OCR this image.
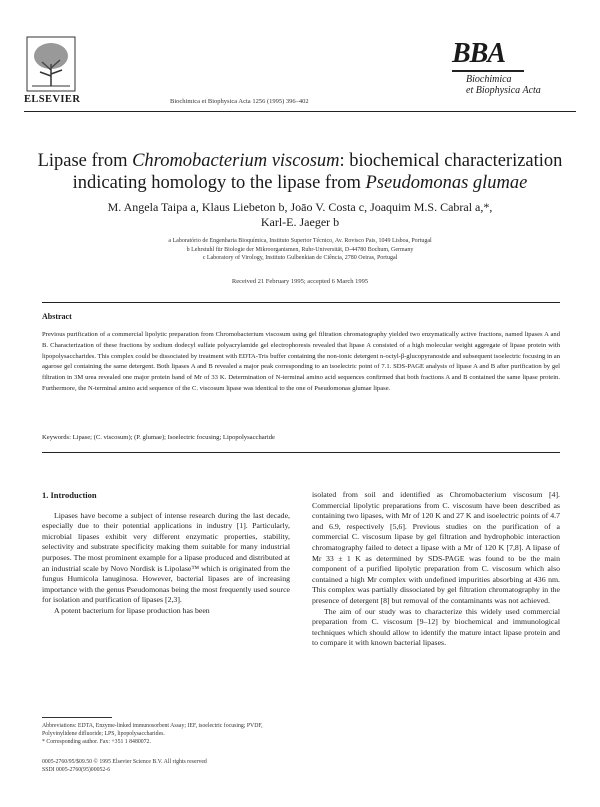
ELSEVIER	Biochimica et Biophysica Acta 1256 (1995) 396–402
BBA
Biochimica
et Biophysica Acta
Lipase from Chromobacterium viscosum: biochemical characterization
indicating homology to the lipase from Pseudomonas glumae
M. Angela Taipa a, Klaus Liebeton b, Joāo V. Costa c, Joaquim M.S. Cabral a,*,
Karl-E. Jaeger b
a Laboratório de Engenharia Bioquímica, Instituto Superior Técnico, Av. Rovisco Pais, 1049 Lisboa, Portugal
b Lehrstuhl für Biologie der Mikroorganismen, Ruhr-Universität, D-44780 Bochum, Germany
c Laboratory of Virology, Instituto Gulbenkian de Ciência, 2780 Oeiras, Portugal
Received 21 February 1995; accepted 6 March 1995
Abstract
Previous purification of a commercial lipolytic preparation from Chromobacterium viscosum using gel filtration chromatography yielded two enzymatically active fractions, named lipases A and B. Characterization of these fractions by sodium dodecyl sulfate polyacrylamide gel electrophoresis revealed that lipase A consisted of a high molecular weight aggregate of lipase protein with lipopolysaccharides. This complex could be dissociated by treatment with EDTA-Tris buffer containing the non-ionic detergent n-octyl-β-glucopyranoside and subsequent isoelectric focusing in an agarose gel containing the same detergent. Both lipases A and B revealed a major peak corresponding to an isoelectric point of 7.1. SDS-PAGE analysis of lipase A and B after purification by gel filtration in 3M urea revealed one major protein band of Mr of 33 K. Determination of N-terminal amino acid sequences confirmed that both fractions A and B contained the same lipase protein. Furthermore, the N-terminal amino acid sequence of the C. viscosum lipase was identical to the one of Pseudomonas glumae lipase.
Keywords: Lipase; (C. viscosum); (P. glumae); Isoelectric focusing; Lipopolysaccharide
1. Introduction

Lipases have become a subject of intense research during the last decade, especially due to their potential applications in industry [1]. Particularly, microbial lipases exhibit very different enzymatic properties, stability, selectivity and substrate specificity making them suitable for many industrial purposes. The most prominent example for a lipase produced and distributed at an industrial scale by Novo Nordisk is Lipolase™ which is originated from the fungus Humicola lanuginosa. However, bacterial lipases are of increasing importance with the genus Pseudomonas being the most frequently used source for isolation and purification of lipases [2,3].

A potent bacterium for lipase production has been

isolated from soil and identified as Chromobacterium viscosum [4]. Commercial lipolytic preparations from C. viscosum have been described as containing two lipases, with Mr of 120 K and 27 K and isoelectric points of 4.7 and 6.9, respectively [5,6]. Previous studies on the purification of a commercial C. viscosum lipase by gel filtration and hydrophobic interaction chromatography failed to detect a lipase with a Mr of 120 K [7,8]. A lipase of Mr 33 ± 1 K as determined by SDS-PAGE was found to be the main component of a purified lipolytic preparation from C. viscosum which also contained a high Mr complex with undefined impurities absorbing at 436 nm. This complex was partially dissociated by gel filtration chromatography in the presence of detergent [8] but removal of the contaminants was not achieved.

The aim of our study was to characterize this widely used commercial preparation from C. viscosum [9–12] by biochemical and immunological techniques which should allow to identify the mature intact lipase protein and to compare it with known bacterial lipases.

Abbreviations: EDTA, Enzyme-linked immunosorbent Assay; IEF, isoelectric focusing; PVDF, Polyvinylidene difluoride; LPS, lipopolysaccharides.
* Corresponding author. Fax: +351 1 8480072.
0005-2760/95/$09.50 © 1995 Elsevier Science B.V. All rights reserved
SSDI 0005-2760(95)00052-6
